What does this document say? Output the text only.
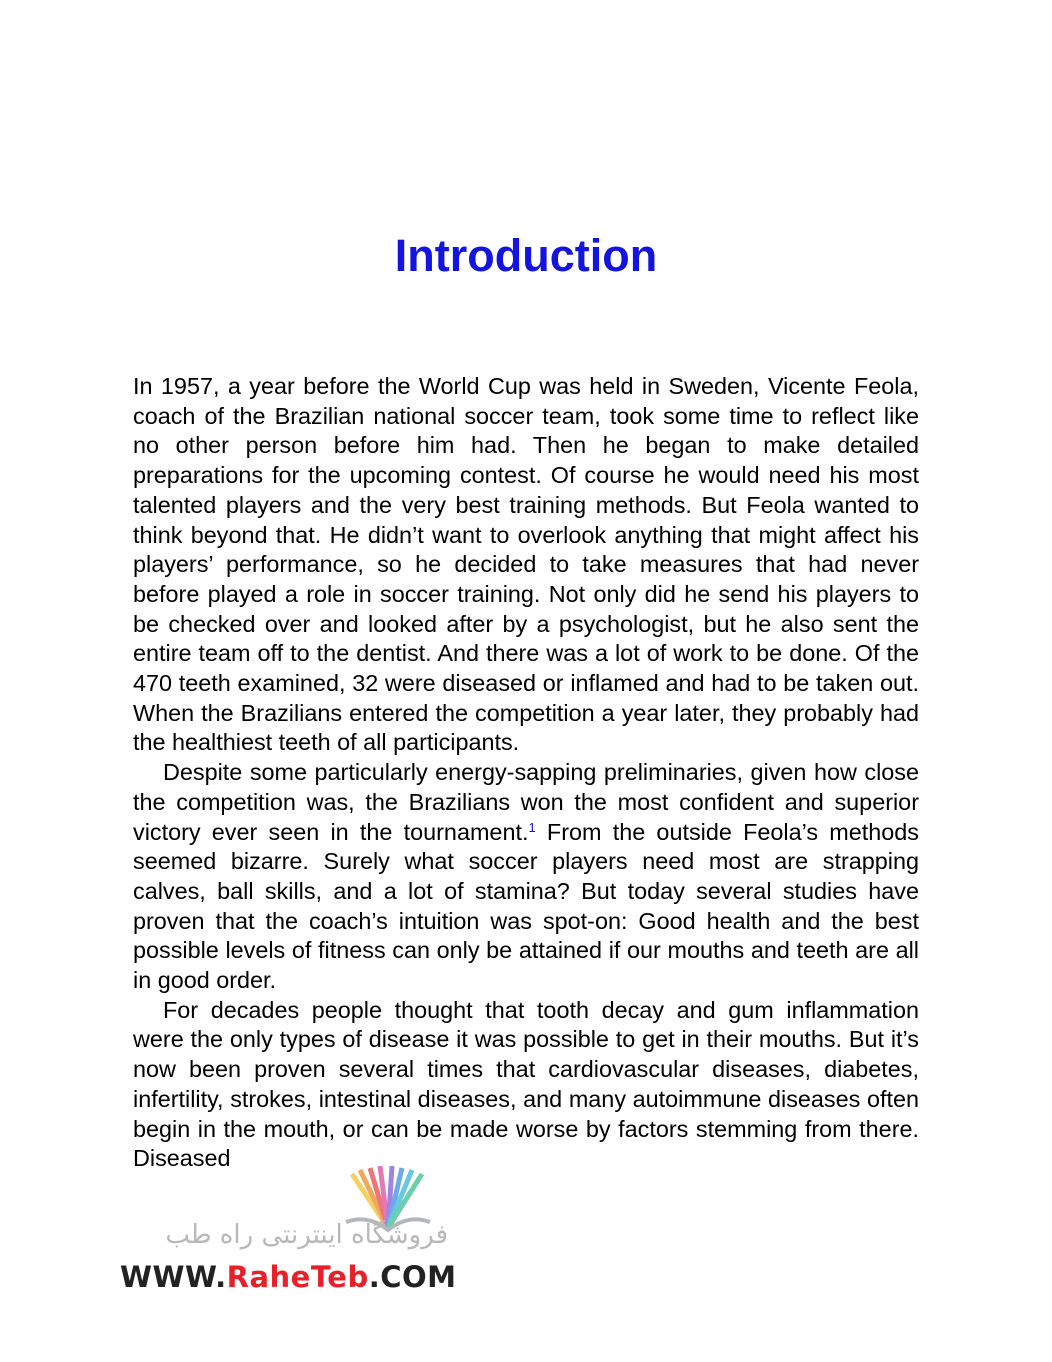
Introduction

In 1957, a year before the World Cup was held in Sweden, Vicente Feola, coach of the Brazilian national soccer team, took some time to reflect like no other person before him had. Then he began to make detailed preparations for the upcoming contest. Of course he would need his most talented players and the very best training methods. But Feola wanted to think beyond that. He didn’t want to overlook anything that might affect his players’ performance, so he decided to take measures that had never before played a role in soccer training. Not only did he send his players to be checked over and looked after by a psychologist, but he also sent the entire team off to the dentist. And there was a lot of work to be done. Of the 470 teeth examined, 32 were diseased or inflamed and had to be taken out. When the Brazilians entered the competition a year later, they probably had the healthiest teeth of all participants.

Despite some particularly energy-sapping preliminaries, given how close the competition was, the Brazilians won the most confident and superior victory ever seen in the tournament.$^1$ From the outside Feola’s methods seemed bizarre. Surely what soccer players need most are strapping calves, ball skills, and a lot of stamina? But today several studies have proven that the coach’s intuition was spot-on: Good health and the best possible levels of fitness can only be attained if our mouths and teeth are all in good order.

For decades people thought that tooth decay and gum inflammation were the only types of disease it was possible to get in their mouths. But it’s now been proven several times that cardiovascular diseases, diabetes, infertility, strokes, intestinal diseases, and many autoimmune diseases often begin in the mouth, or can be made worse by factors stemming from there. Diseased

فروشگاه اینترنتی راه طب
WWW.RaheTeb.COM
